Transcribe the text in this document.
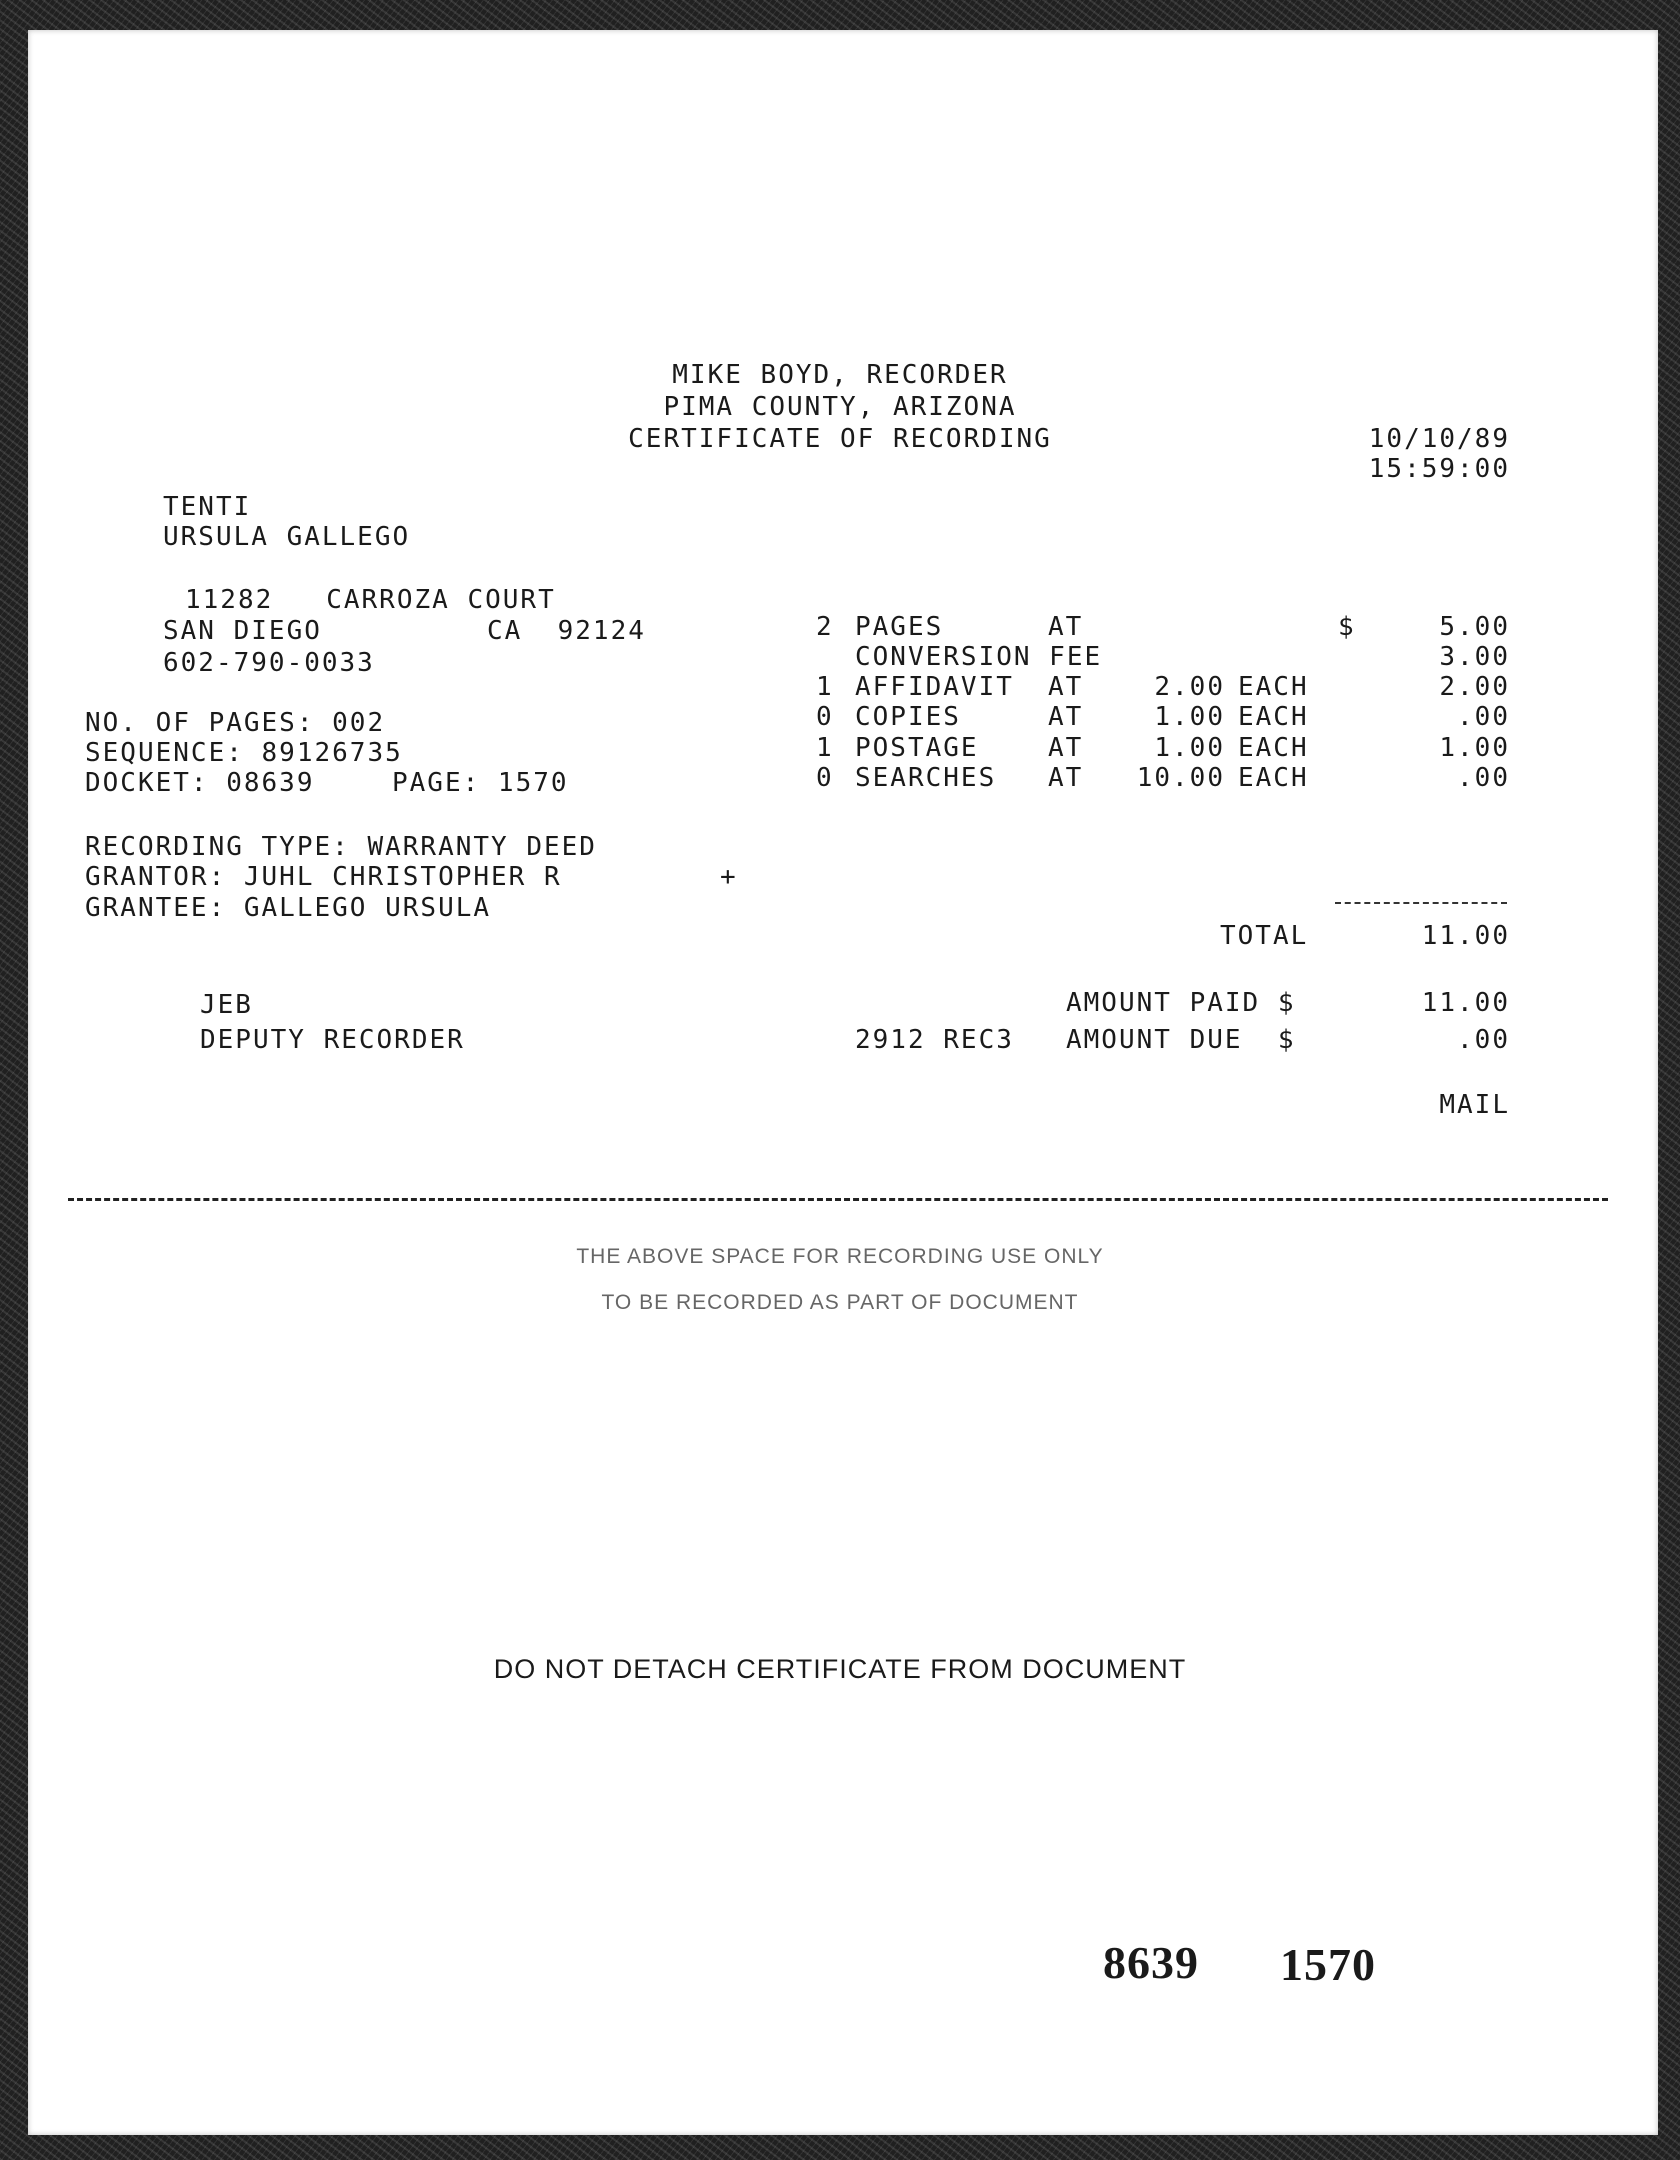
MIKE BOYD, RECORDER
PIMA COUNTY, ARIZONA
CERTIFICATE OF RECORDING	10/10/89
15:59:00
TENTI
URSULA GALLEGO
11282   CARROZA COURT
SAN DIEGO	CA  92124
602-790-0033
NO. OF PAGES: 002
SEQUENCE: 89126735
DOCKET: 08639	PAGE: 1570
RECORDING TYPE: WARRANTY DEED
GRANTOR: JUHL CHRISTOPHER R	+
GRANTEE: GALLEGO URSULA
2 PAGES	AT	$	5.00
CONVERSION FEE	3.00
1 AFFIDAVIT AT	2.00 EACH	2.00
0 COPIES	AT	1.00 EACH	.00
1 POSTAGE	AT	1.00 EACH	1.00
0 SEARCHES AT 10.00 EACH	.00
TOTAL	11.00
JEB
DEPUTY RECORDER
AMOUNT PAID $	11.00
2912 REC3 AMOUNT DUE  $	.00
MAIL
THE ABOVE SPACE FOR RECORDING USE ONLY
TO BE RECORDED AS PART OF DOCUMENT
DO NOT DETACH CERTIFICATE FROM DOCUMENT
8639 1570
